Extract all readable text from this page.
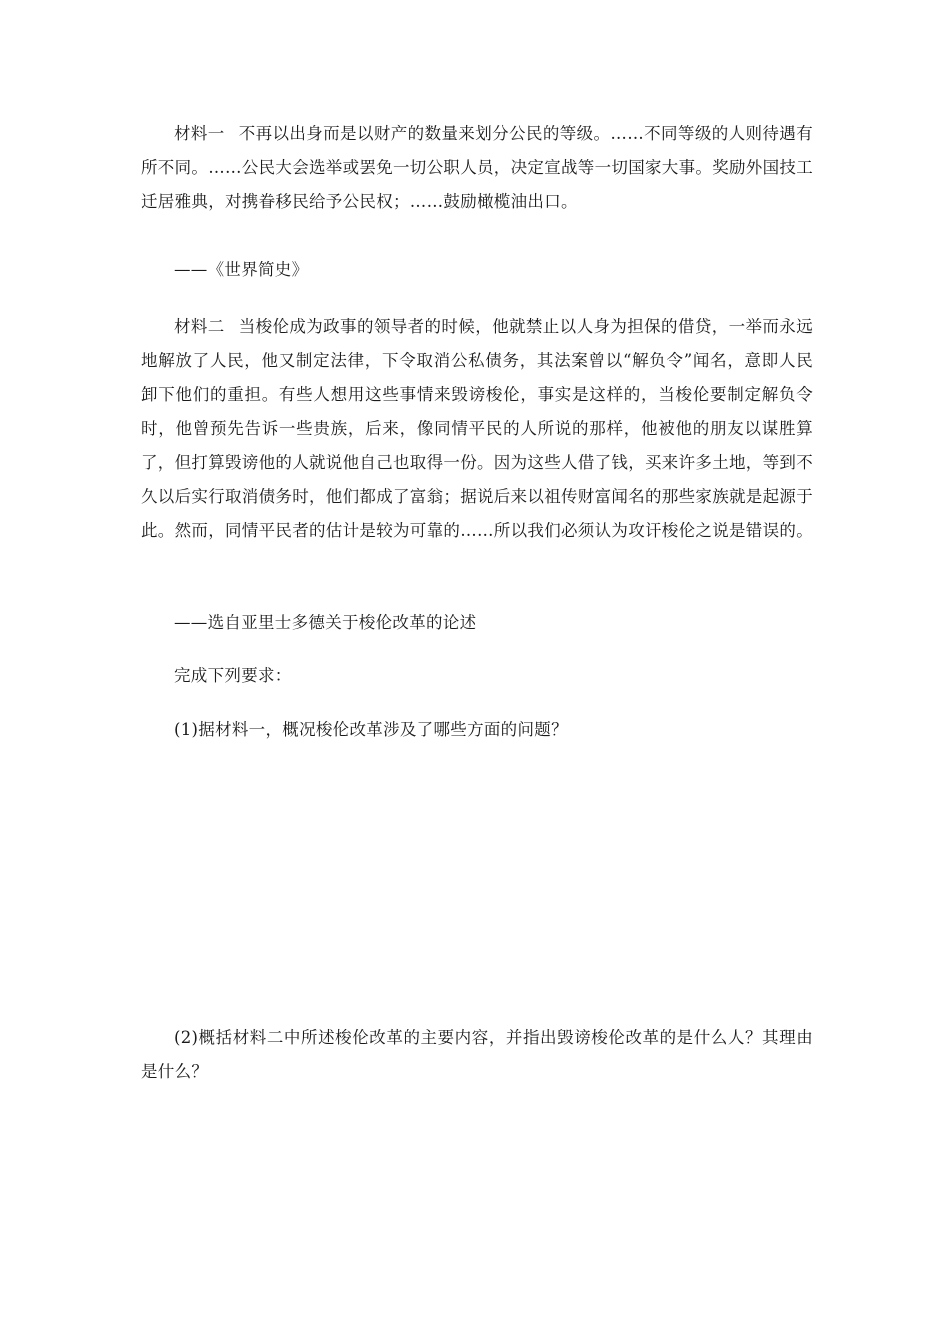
材料一 不再以出身而是以财产的数量来划分公民的等级。……不同等级的人则待遇有所不同。……公民大会选举或罢免一切公职人员，决定宣战等一切国家大事。奖励外国技工迁居雅典，对携眷移民给予公民权；……鼓励橄榄油出口。

——《世界简史》

材料二 当梭伦成为政事的领导者的时候，他就禁止以人身为担保的借贷，一举而永远地解放了人民，他又制定法律，下令取消公私债务，其法案曾以“解负令”闻名，意即人民卸下他们的重担。有些人想用这些事情来毁谤梭伦，事实是这样的，当梭伦要制定解负令时，他曾预先告诉一些贵族，后来，像同情平民的人所说的那样，他被他的朋友以谋胜算了，但打算毁谤他的人就说他自己也取得一份。因为这些人借了钱，买来许多土地，等到不久以后实行取消债务时，他们都成了富翁；据说后来以祖传财富闻名的那些家族就是起源于此。然而，同情平民者的估计是较为可靠的……所以我们必须认为攻讦梭伦之说是错误的。

——选自亚里士多德关于梭伦改革的论述
完成下列要求：
(1)据材料一，概况梭伦改革涉及了哪些方面的问题？

(2)概括材料二中所述梭伦改革的主要内容，并指出毁谤梭伦改革的是什么人？其理由是什么？
